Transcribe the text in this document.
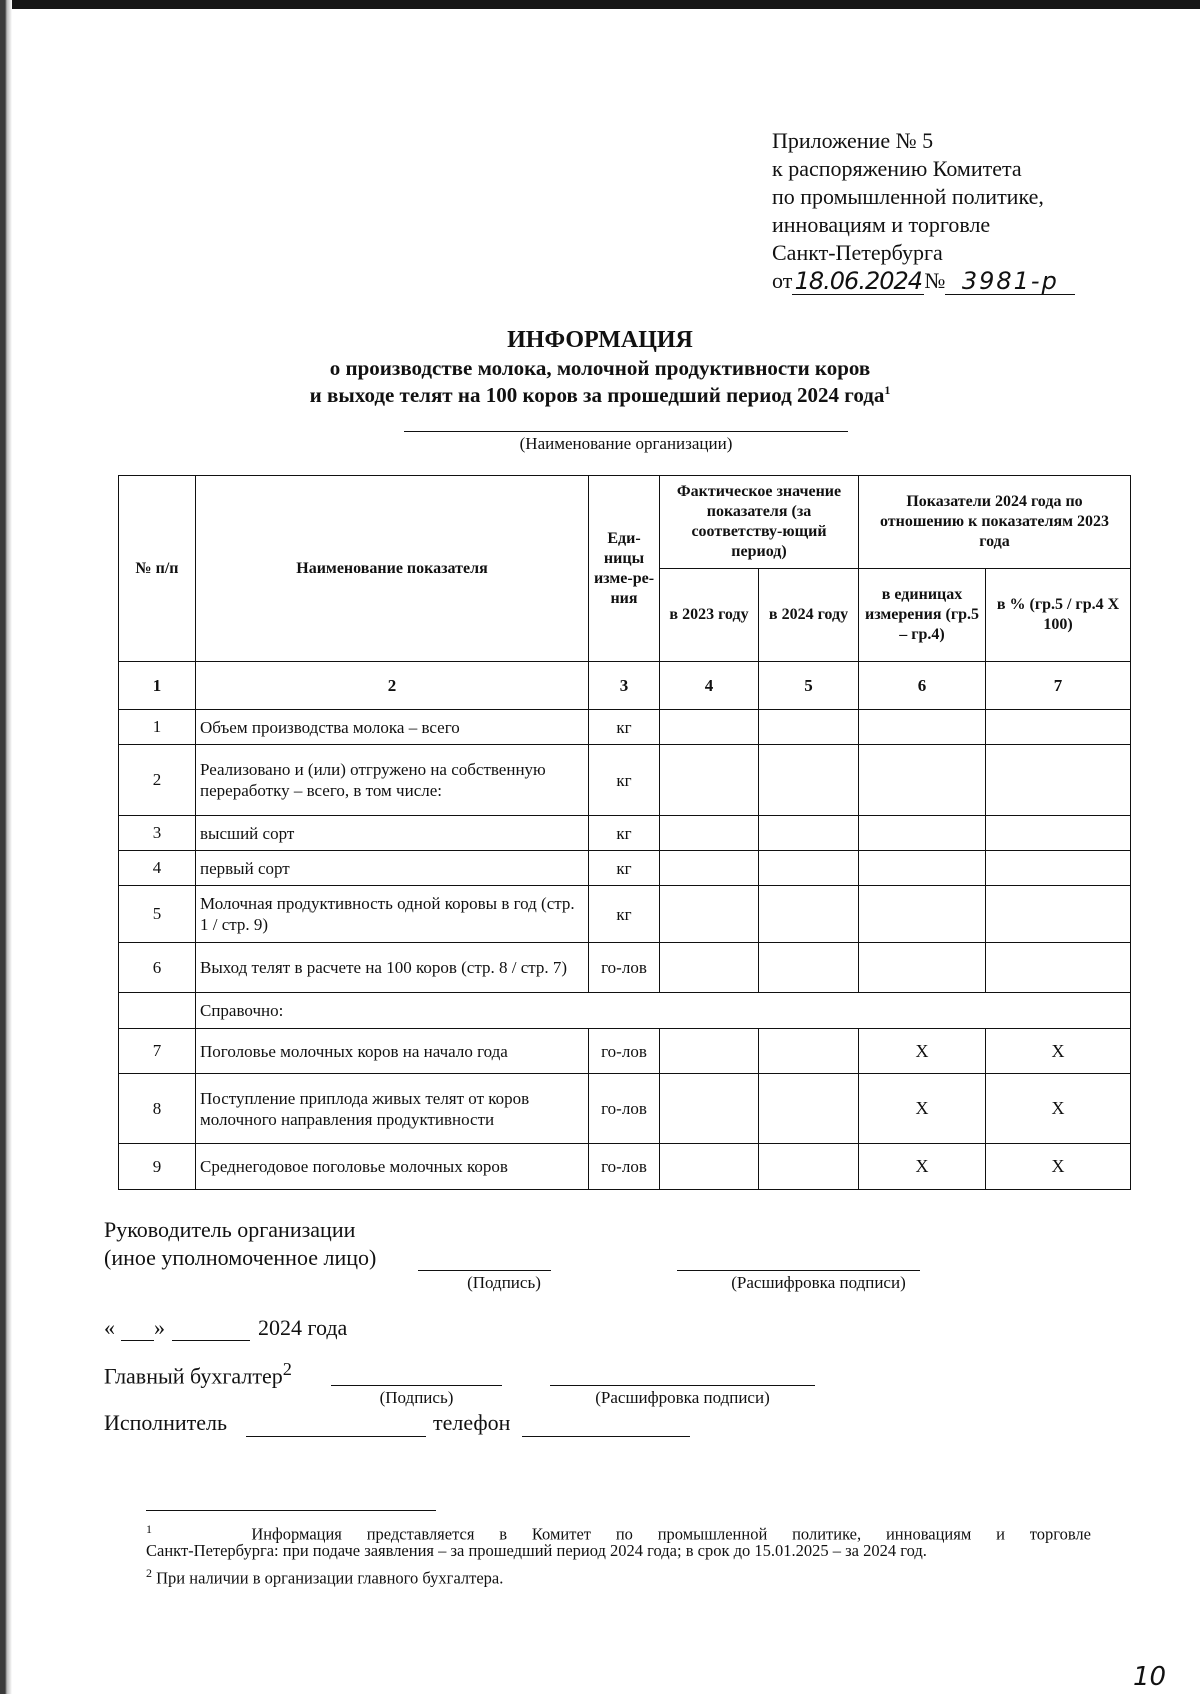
Приложение № 5
к распоряжению Комитета
по промышленной политике,
инновациям и торговле
Санкт-Петербурга
от 18.06.2024 № 3981-р
ИНФОРМАЦИЯ
о производстве молока, молочной продуктивности коров
и выходе телят на 100 коров за прошедший период 2024 года$^1$
(Наименование организации)
№ п/п	Наименование показателя	Еди-ницы изме-ре-ния	Фактическое значение показателя (за соответству-ющий период)		Показатели 2024 года по отношению к показателям 2023 года	
			в 2023 году	в 2024 году	в единицах измерения (гр.5 – гр.4)	в % (гр.5 / гр.4 Х 100)
1	2	3	4	5	6	7
1	Объем производства молока – всего	кг				
2	Реализовано и (или) отгружено на собственную переработку – всего, в том числе:	кг				
3	высший сорт	кг				
4	первый сорт	кг				
5	Молочная продуктивность одной коровы в год (стр. 1 / стр. 9)	кг				
6	Выход телят в расчете на 100 коров (стр. 8 / стр. 7)	го-лов				
	Справочно:					
7	Поголовье молочных коров на начало года	го-лов			X	X
8	Поступление приплода живых телят от коров молочного направления продуктивности	го-лов			X	X
9	Среднегодовое поголовье молочных коров	го-лов			X	X
Руководитель организации
(иное уполномоченное лицо)
(Подпись)	(Расшифровка подписи)
« »	2024 года
Главный бухгалтер$^2$
(Подпись)	(Расшифровка подписи)
Исполнитель	телефон
$^1$	Информация представляется в Комитет по промышленной политике, инновациям и торговле
Санкт-Петербурга: при подаче заявления – за прошедший период 2024 года; в срок до 15.01.2025 – за 2024 год.
$^2$ При наличии в организации главного бухгалтера.
10
